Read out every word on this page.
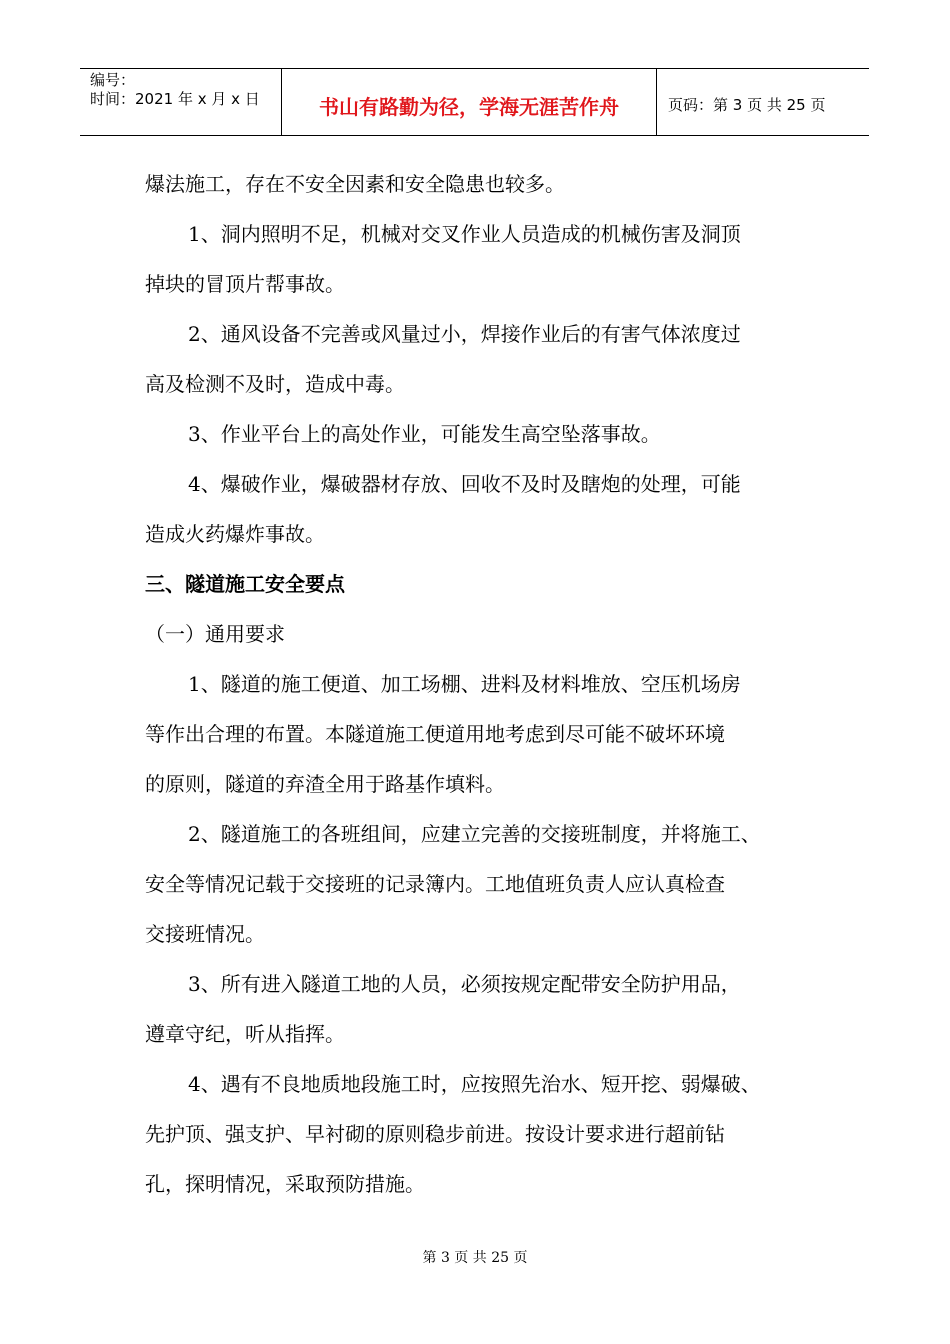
编号：
时间：2021 年 x 月 x 日	书山有路勤为径，学海无涯苦作舟	页码：第 3 页 共 25 页
爆法施工，存在不安全因素和安全隐患也较多。
1、洞内照明不足，机械对交叉作业人员造成的机械伤害及洞顶
掉块的冒顶片帮事故。
2、通风设备不完善或风量过小，焊接作业后的有害气体浓度过
高及检测不及时，造成中毒。
3、作业平台上的高处作业，可能发生高空坠落事故。
4、爆破作业，爆破器材存放、回收不及时及瞎炮的处理，可能
造成火药爆炸事故。
三、隧道施工安全要点
（一）通用要求
1、隧道的施工便道、加工场棚、进料及材料堆放、空压机场房
等作出合理的布置。本隧道施工便道用地考虑到尽可能不破坏环境
的原则，隧道的弃渣全用于路基作填料。
2、隧道施工的各班组间，应建立完善的交接班制度，并将施工、
安全等情况记载于交接班的记录簿内。工地值班负责人应认真检查
交接班情况。
3、所有进入隧道工地的人员，必须按规定配带安全防护用品，
遵章守纪，听从指挥。
4、遇有不良地质地段施工时，应按照先治水、短开挖、弱爆破、
先护顶、强支护、早衬砌的原则稳步前进。按设计要求进行超前钻
孔，探明情况，采取预防措施。
第 3 页 共 25 页
